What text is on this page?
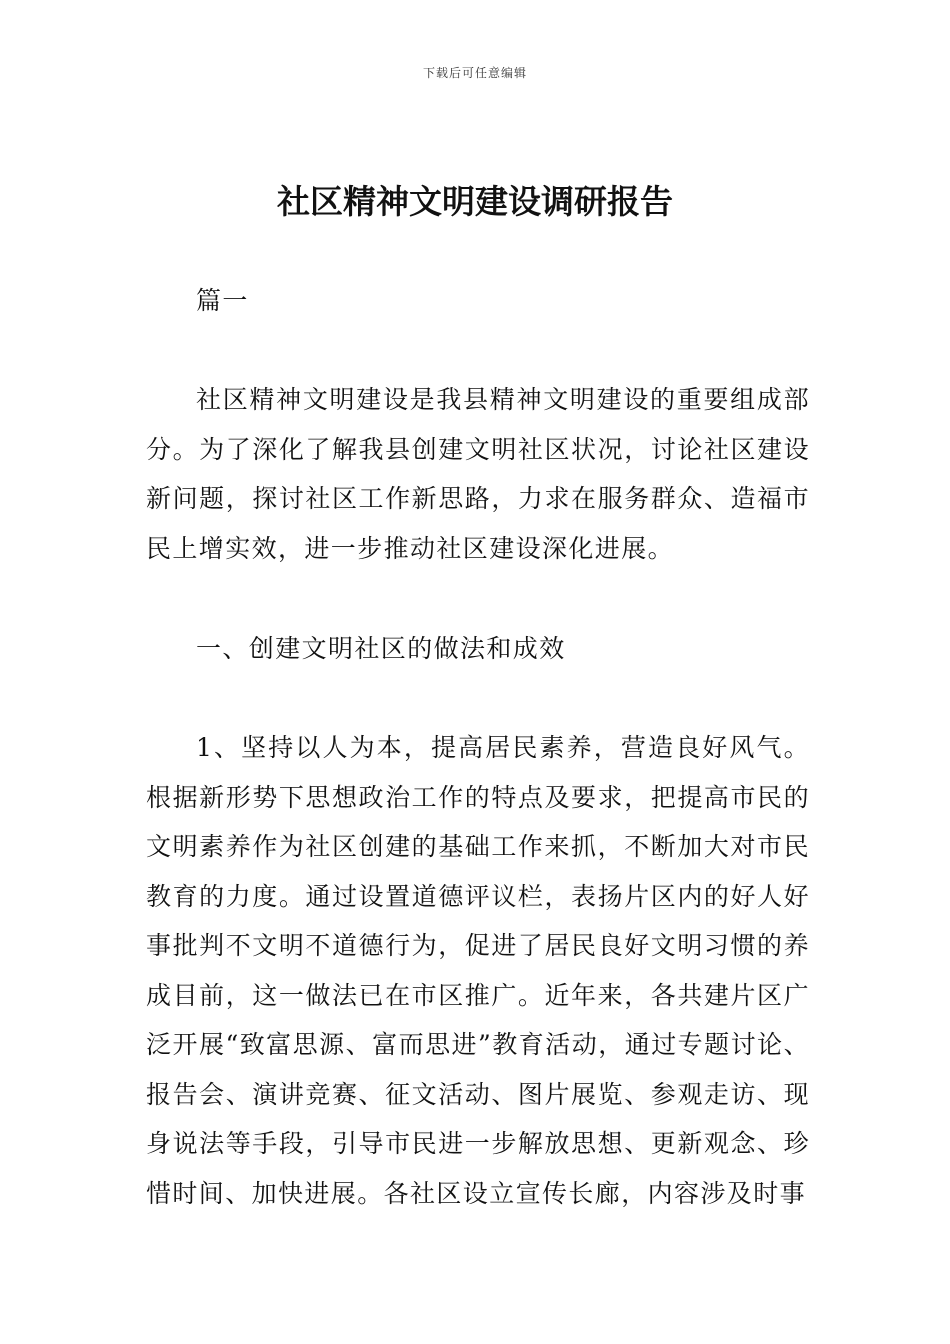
下载后可任意编辑
社区精神文明建设调研报告

篇一

社区精神文明建设是我县精神文明建设的重要组成部分。为了深化了解我县创建文明社区状况，讨论社区建设新问题，探讨社区工作新思路，力求在服务群众、造福市民上增实效，进一步推动社区建设深化进展。

一、创建文明社区的做法和成效

1、坚持以人为本，提高居民素养，营造良好风气。根据新形势下思想政治工作的特点及要求，把提高市民的文明素养作为社区创建的基础工作来抓，不断加大对市民教育的力度。通过设置道德评议栏，表扬片区内的好人好事批判不文明不道德行为，促进了居民良好文明习惯的养成目前，这一做法已在市区推广。近年来，各共建片区广泛开展“致富思源、富而思进”教育活动，通过专题讨论、报告会、演讲竞赛、征文活动、图片展览、参观走访、现身说法等手段，引导市民进一步解放思想、更新观念、珍惜时间、加快进展。各社区设立宣传长廊，内容涉及时事
